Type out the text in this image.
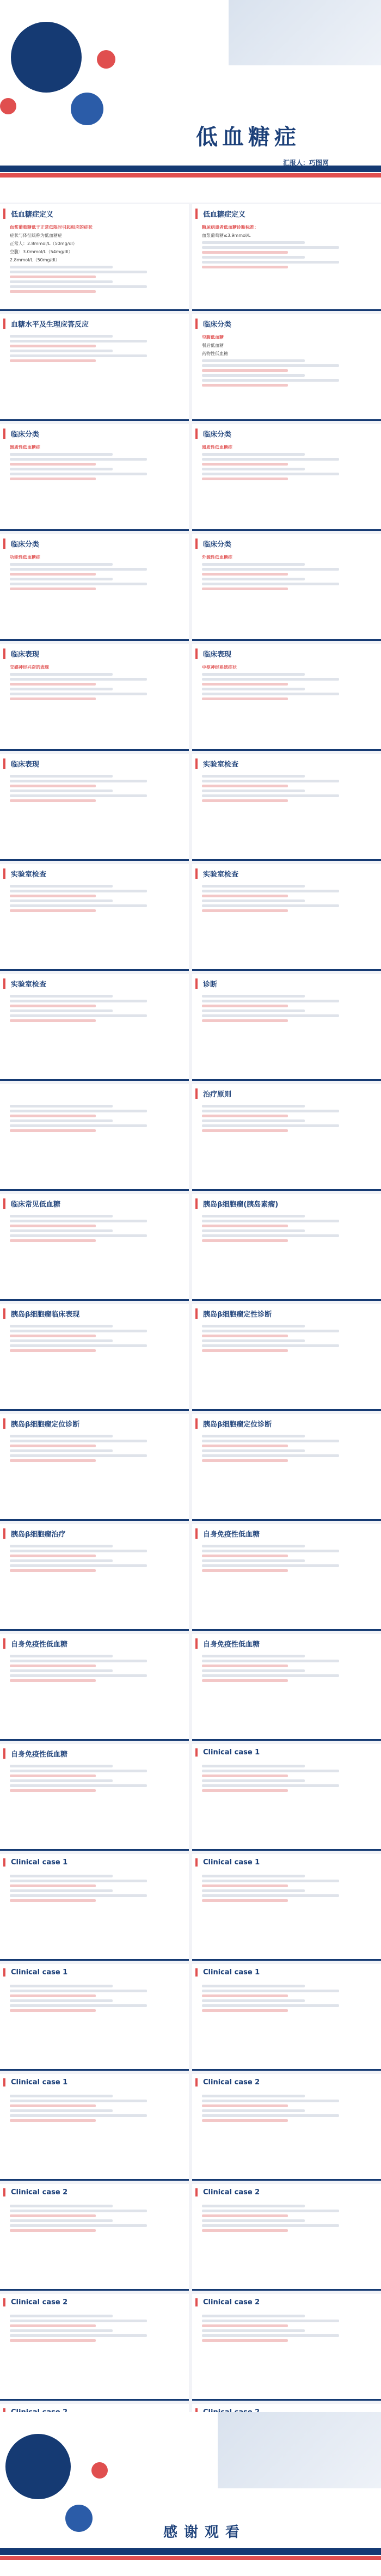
低血糖症
汇报人：巧图网
低血糖症定义
血浆葡萄糖低于正常低限时引起相应的症状
症状与体征统称为低血糖症
正常人：2.8mmol/L（50mg/dl）
空腹：3.0mmol/L（54mg/dl）
2.8mmol/L（50mg/dl）
低血糖症定义
糖尿病患者低血糖诊断标准：
血浆葡萄糖≤3.9mmol/L
血糖水平及生理应答反应	临床分类
空腹低血糖
餐后低血糖
药物性低血糖
临床分类
器质性低血糖症
临床分类
器质性低血糖症
临床分类
功能性低血糖症
临床分类
外源性低血糖症
临床表现
交感神经兴奋的表现
临床表现
中枢神经系统症状
临床表现	实验室检查
实验室检查	实验室检查
实验室检查	诊断
治疗原则
临床常见低血糖	胰岛β细胞瘤(胰岛素瘤)
胰岛β细胞瘤临床表现	胰岛β细胞瘤定性诊断
胰岛β细胞瘤定位诊断	胰岛β细胞瘤定位诊断
胰岛β细胞瘤治疗	自身免疫性低血糖
自身免疫性低血糖	自身免疫性低血糖
自身免疫性低血糖	Clinical case 1
Clinical case 1	Clinical case 1
Clinical case 1	Clinical case 1
Clinical case 1	Clinical case 2
Clinical case 2	Clinical case 2
Clinical case 2	Clinical case 2
感谢观看
